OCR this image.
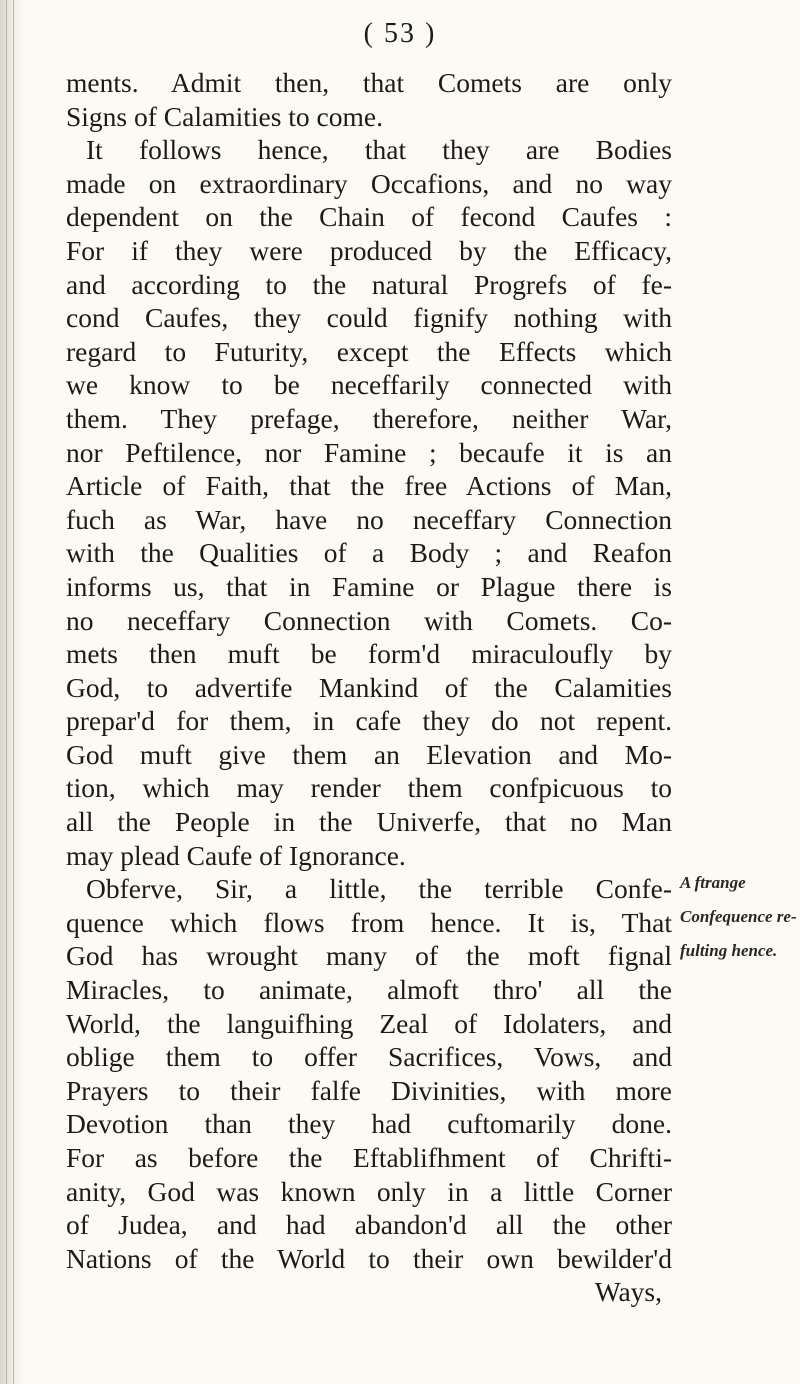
( 53 )
ments. Admit then, that Comets are only
Signs of Calamities to come.
It follows hence, that they are Bodies
made on extraordinary Occafions, and no way
dependent on the Chain of fecond Caufes :
For if they were produced by the Efficacy,
and according to the natural Progrefs of fe-
cond Caufes, they could fignify nothing with
regard to Futurity, except the Effects which
we know to be neceffarily connected with
them. They prefage, therefore, neither War,
nor Peftilence, nor Famine ; becaufe it is an
Article of Faith, that the free Actions of Man,
fuch as War, have no neceffary Connection
with the Qualities of a Body ; and Reafon
informs us, that in Famine or Plague there is
no neceffary Connection with Comets. Co-
mets then muft be form'd miraculoufly by
God, to advertife Mankind of the Calamities
prepar'd for them, in cafe they do not repent.
God muft give them an Elevation and Mo-
tion, which may render them confpicuous to
all the People in the Univerfe, that no Man
may plead Caufe of Ignorance.
Obferve, Sir, a little, the terrible Confe-
quence which flows from hence. It is, That
God has wrought many of the moft fignal
Miracles, to animate, almoft thro' all the
World, the languifhing Zeal of Idolaters, and
oblige them to offer Sacrifices, Vows, and
Prayers to their falfe Divinities, with more
Devotion than they had cuftomarily done.
For as before the Eftablifhment of Chrifti-
anity, God was known only in a little Corner
of Judea, and had abandon'd all the other
Nations of the World to their own bewilder'd
Ways,
A ftrange
Confequence re-
fulting hence.
